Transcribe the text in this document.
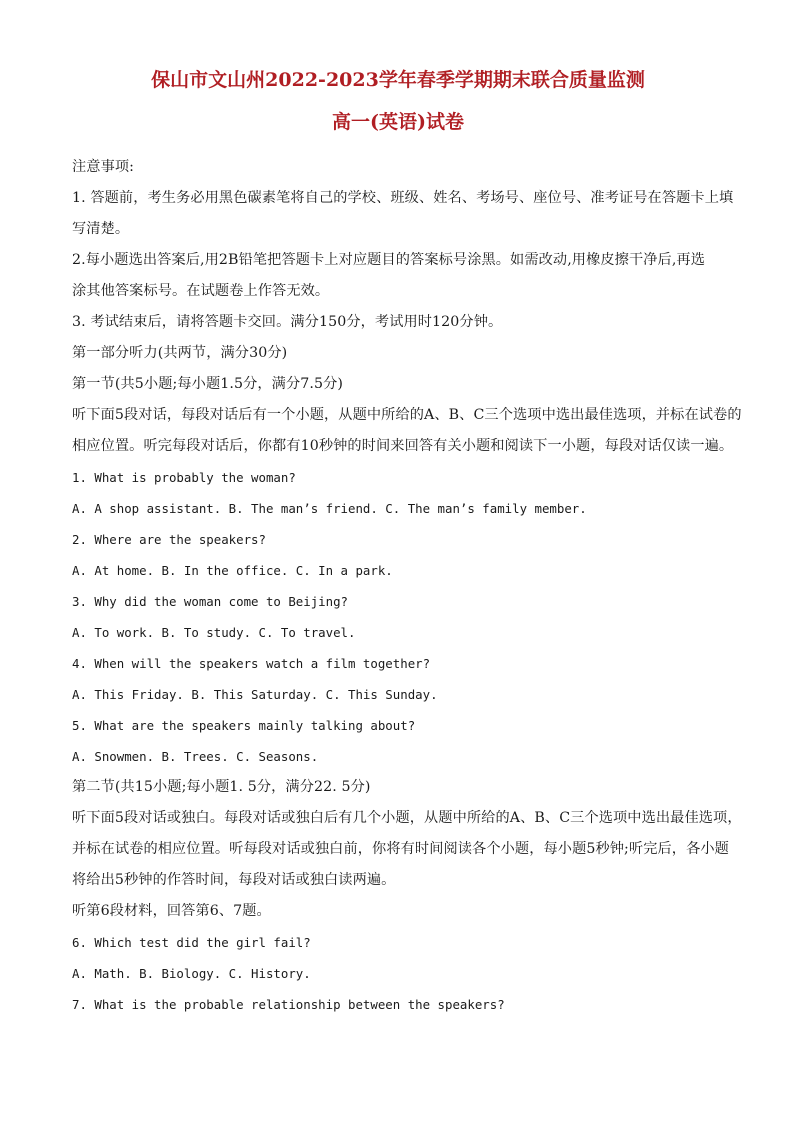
保山市文山州2022-2023学年春季学期期末联合质量监测

高一(英语)试卷

注意事项:

1. 答题前，考生务必用黑色碳素笔将自己的学校、班级、姓名、考场号、座位号、准考证号在答题卡上填

写清楚。

2.每小题选出答案后,用2B铅笔把答题卡上对应题目的答案标号涂黑。如需改动,用橡皮擦干净后,再选

涂其他答案标号。在试题卷上作答无效。

3. 考试结束后，请将答题卡交回。满分150分，考试用时120分钟。

第一部分听力(共两节，满分30分)

第一节(共5小题;每小题1.5分，满分7.5分)

听下面5段对话，每段对话后有一个小题，从题中所给的A、B、C三个选项中选出最佳选项，并标在试卷的

相应位置。听完每段对话后，你都有10秒钟的时间来回答有关小题和阅读下一小题，每段对话仅读一遍。

1. What is probably the woman?

A. A shop assistant. B. The man’s friend. C. The man’s family member.

2. Where are the speakers?

A. At home. B. In the office. C. In a park.

3. Why did the woman come to Beijing?

A. To work. B. To study. C. To travel.

4. When will the speakers watch a film together?

A. This Friday. B. This Saturday. C. This Sunday.

5. What are the speakers mainly talking about?

A. Snowmen. B. Trees. C. Seasons.

第二节(共15小题;每小题1. 5分，满分22. 5分)

听下面5段对话或独白。每段对话或独白后有几个小题，从题中所给的A、B、C三个选项中选出最佳选项，

并标在试卷的相应位置。听每段对话或独白前，你将有时间阅读各个小题，每小题5秒钟;听完后，各小题

将给出5秒钟的作答时间，每段对话或独白读两遍。

听第6段材料，回答第6、7题。

6. Which test did the girl fail?

A. Math. B. Biology. C. History.

7. What is the probable relationship between the speakers?
